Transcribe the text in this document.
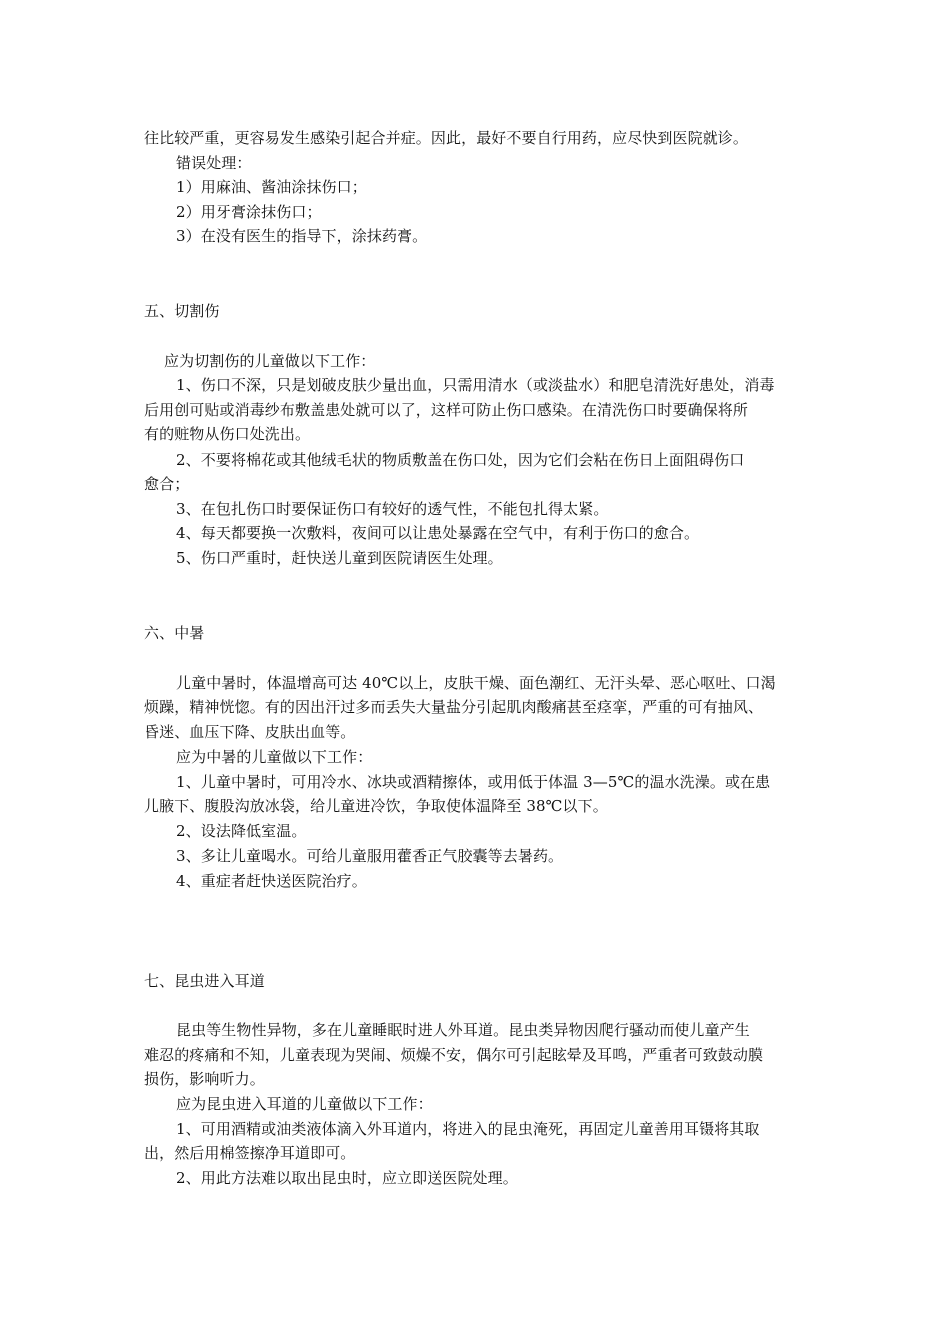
往比较严重，更容易发生感染引起合并症。因此，最好不要自行用药，应尽快到医院就诊。
错误处理：
1）用麻油、酱油涂抹伤口；
2）用牙膏涂抹伤口；
3）在没有医生的指导下，涂抹药膏。
五、切割伤
应为切割伤的儿童做以下工作：
1、伤口不深，只是划破皮肤少量出血，只需用清水（或淡盐水）和肥皂清洗好患处，消毒
后用创可贴或消毒纱布敷盖患处就可以了，这样可防止伤口感染。在清洗伤口时要确保将所
有的赃物从伤口处洗出。
2、不要将棉花或其他绒毛状的物质敷盖在伤口处，因为它们会粘在伤日上面阻碍伤口
愈合；
3、在包扎伤口时要保证伤口有较好的透气性，不能包扎得太紧。
4、每天都要换一次敷料，夜间可以让患处暴露在空气中，有利于伤口的愈合。
5、伤口严重时，赶快送儿童到医院请医生处理。
六、中暑
儿童中暑时，体温增高可达 40℃以上，皮肤干燥、面色潮红、无汗头晕、恶心呕吐、口渴
烦躁，精神恍惚。有的因出汗过多而丢失大量盐分引起肌肉酸痛甚至痉挛，严重的可有抽风、
昏迷、血压下降、皮肤出血等。
应为中暑的儿童做以下工作：
1、儿童中暑时，可用冷水、冰块或酒精擦体，或用低于体温 3—5℃的温水洗澡。或在患
儿腋下、腹股沟放冰袋，给儿童进冷饮，争取使体温降至 38℃以下。
2、设法降低室温。
3、多让儿童喝水。可给儿童服用藿香正气胶囊等去暑药。
4、重症者赶快送医院治疗。
七、昆虫进入耳道
昆虫等生物性异物，多在儿童睡眠时进人外耳道。昆虫类异物因爬行骚动而使儿童产生
难忍的疼痛和不知，儿童表现为哭闹、烦燥不安，偶尔可引起眩晕及耳鸣，严重者可致鼓动膜
损伤，影响听力。
应为昆虫进入耳道的儿童做以下工作：
1、可用酒精或油类液体滴入外耳道内，将进入的昆虫淹死，再固定儿童善用耳镊将其取
出，然后用棉签擦净耳道即可。
2、用此方法难以取出昆虫时，应立即送医院处理。
